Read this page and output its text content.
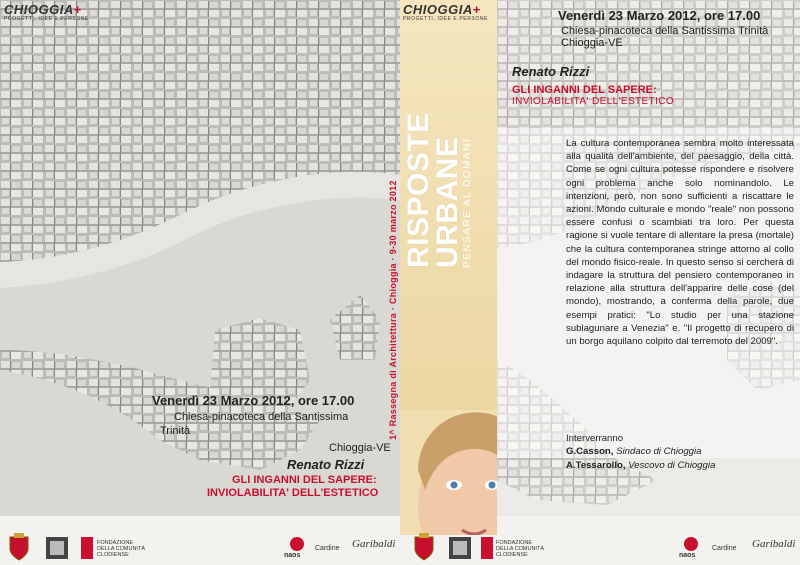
CHIOGGIA+
PROGETTI, IDEE E PERSONE
Venerdì 23 Marzo 2012, ore 17.00
Chiesa-pinacoteca della Santissima
Trinità
Chioggia-VE
Renato Rizzi
GLI INGANNI DEL SAPERE:
INVIOLABILITA' DELL'ESTETICO
FONDAZIONE
DELLA COMUNITÀ
CLODIENSE
CHIOGGIA+
PROGETTI, IDEE E PERSONE
RISPOSTE
URBANE
PENSARE AL DOMANI
1^ Rassegna di Architettura · Chioggia · 9-30 marzo 2012
Venerdì 23 Marzo 2012, ore 17.00
Chiesa-pinacoteca della Santissima Trinità
Chioggia-VE
Renato Rizzi
GLI INGANNI DEL SAPERE:
INVIOLABILITA' DELL'ESTETICO
naos
Cardine Garibaldi

La cultura contemporanea sembra molto interessata alla qualità dell'ambiente, del paesaggio, della città. Come se ogni cultura potesse rispondere e risolvere ogni problema anche solo nominandolo. Le intenzioni, però, non sono sufficienti a riscattare le azioni. Mondo culturale e mondo "reale" non possono essere confusi o scambiati tra loro. Per questa ragione si vuole tentare di allentare la presa (mortale) che la cultura contemporanea stringe attorno al collo del mondo fisico-reale. In questo senso si cercherà di indagare la struttura del pensiero contemporaneo in relazione alla struttura dell'apparire delle cose (del mondo), mostrando, a conferma della parole, due esempi pratici: "Lo studio per una stazione sublagunare a Venezia" e. "Il progetto di recupero di un borgo aquilano colpito dal terremoto del 2009".

Interverranno
G.Casson, Sindaco di Chioggia
A.Tessarollo, Vescovo di Chioggia
naos
Cardine Garibaldi	FONDAZIONE
DELLA COMUNITÀ
CLODIENSE
